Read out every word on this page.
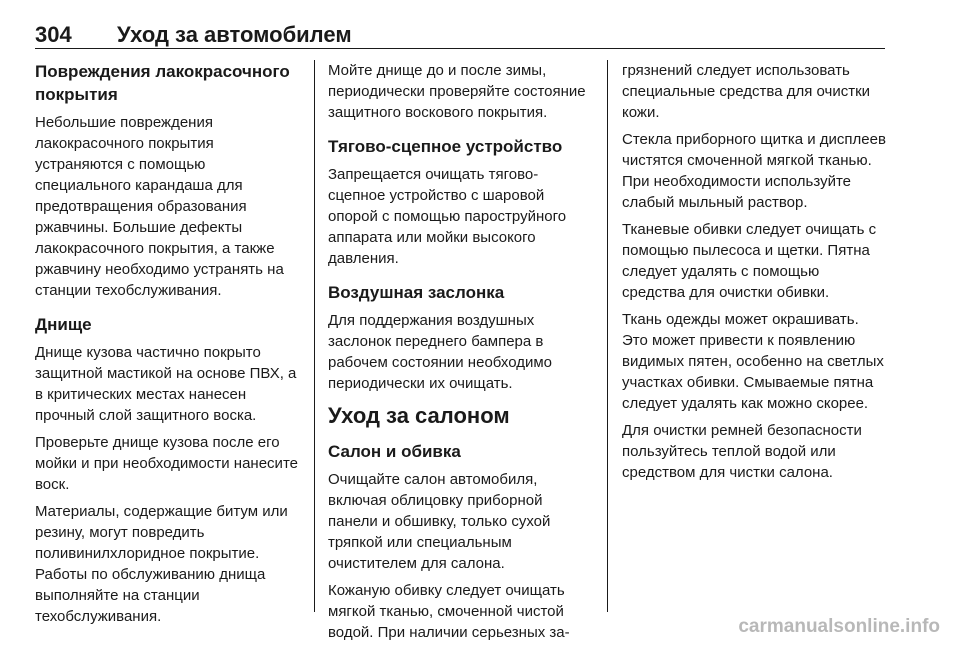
304 Уход за автомобилем
Повреждения лакокрасочного покрытия
Небольшие повреждения лакокрасочного покрытия устраняются с помощью специального карандаша для предотвращения образования ржавчины. Большие дефекты лакокрасочного покрытия, а также ржавчину необходимо устранять на станции техобслуживания.
Днище
Днище кузова частично покрыто защитной мастикой на основе ПВХ, а в критических местах нанесен прочный слой защитного воска.
Проверьте днище кузова после его мойки и при необходимости нанесите воск.
Материалы, содержащие битум или резину, могут повредить поливинилхлоридное покрытие. Работы по обслуживанию днища выполняйте на станции техобслуживания.
Мойте днище до и после зимы, периодически проверяйте состояние защитного воскового покрытия.
Тягово-сцепное устройство
Запрещается очищать тягово-сцепное устройство с шаровой опорой с помощью пароструйного аппарата или мойки высокого давления.
Воздушная заслонка
Для поддержания воздушных заслонок переднего бампера в рабочем состоянии необходимо периодически их очищать.
Уход за салоном
Салон и обивка
Очищайте салон автомобиля, включая облицовку приборной панели и обшивку, только сухой тряпкой или специальным очистителем для салона.
Кожаную обивку следует очищать мягкой тканью, смоченной чистой водой. При наличии серьезных за-
грязнений следует использовать специальные средства для очистки кожи.
Стекла приборного щитка и дисплеев чистятся смоченной мягкой тканью. При необходимости используйте слабый мыльный раствор.
Тканевые обивки следует очищать с помощью пылесоса и щетки. Пятна следует удалять с помощью средства для очистки обивки.
Ткань одежды может окрашивать. Это может привести к появлению видимых пятен, особенно на светлых участках обивки. Смываемые пятна следует удалять как можно скорее.
Для очистки ремней безопасности пользуйтесь теплой водой или средством для чистки салона.
carmanualsonline.info
